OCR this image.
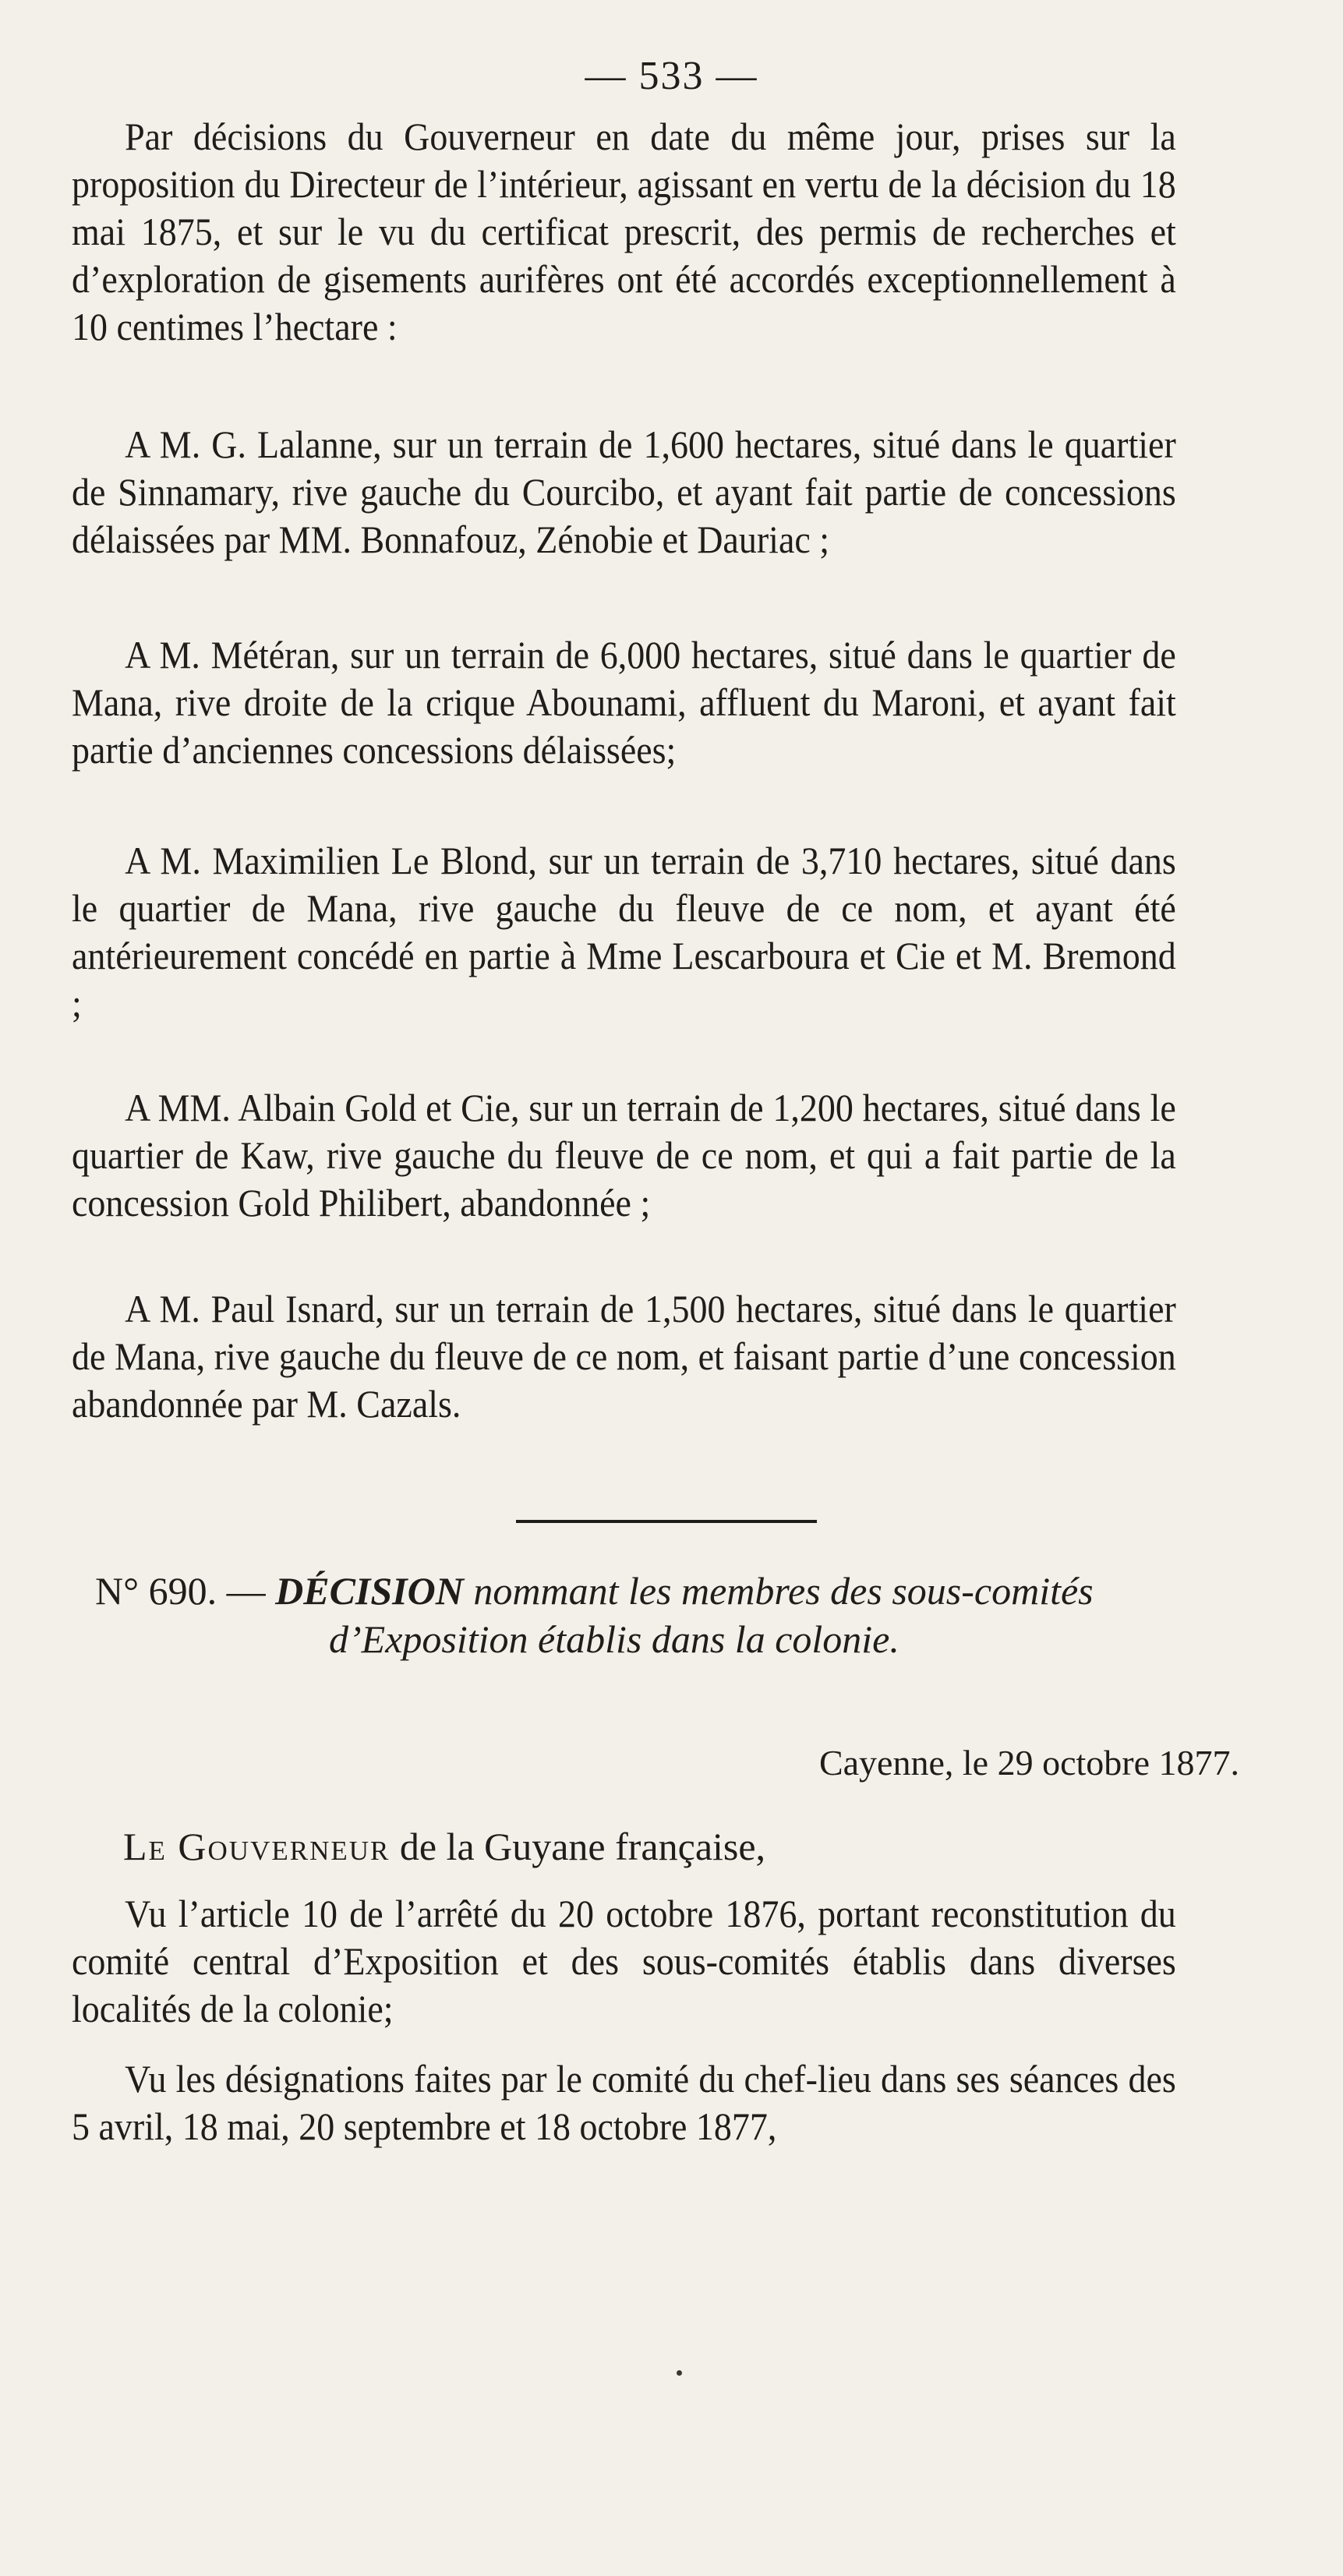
— 533 —

Par décisions du Gouverneur en date du même jour, prises sur la proposition du Directeur de l’intérieur, agissant en vertu de la décision du 18 mai 1875, et sur le vu du certificat prescrit, des permis de recherches et d’exploration de gisements aurifères ont été accordés exceptionnellement à 10 centimes l’hectare :

A M. G. Lalanne, sur un terrain de 1,600 hectares, situé dans le quartier de Sinnamary, rive gauche du Courcibo, et ayant fait partie de concessions délaissées par MM. Bonnafouz, Zénobie et Dauriac ;

A M. Météran, sur un terrain de 6,000 hectares, situé dans le quartier de Mana, rive droite de la crique Abounami, affluent du Maroni, et ayant fait partie d’anciennes concessions délaissées;

A M. Maximilien Le Blond, sur un terrain de 3,710 hectares, situé dans le quartier de Mana, rive gauche du fleuve de ce nom, et ayant été antérieurement concédé en partie à Mme Lescarboura et Cie et M. Bremond ;

A MM. Albain Gold et Cie, sur un terrain de 1,200 hectares, situé dans le quartier de Kaw, rive gauche du fleuve de ce nom, et qui a fait partie de la concession Gold Philibert, abandonnée ;

A M. Paul Isnard, sur un terrain de 1,500 hectares, situé dans le quartier de Mana, rive gauche du fleuve de ce nom, et faisant partie d’une concession abandonnée par M. Cazals.

N° 690. — DÉCISION nommant les membres des sous-comités
d’Exposition établis dans la colonie.
Cayenne, le 29 octobre 1877.
Le Gouverneur de la Guyane française,

Vu l’article 10 de l’arrêté du 20 octobre 1876, portant reconstitution du comité central d’Exposition et des sous-comités établis dans diverses localités de la colonie;

Vu les désignations faites par le comité du chef-lieu dans ses séances des 5 avril, 18 mai, 20 septembre et 18 octobre 1877,
